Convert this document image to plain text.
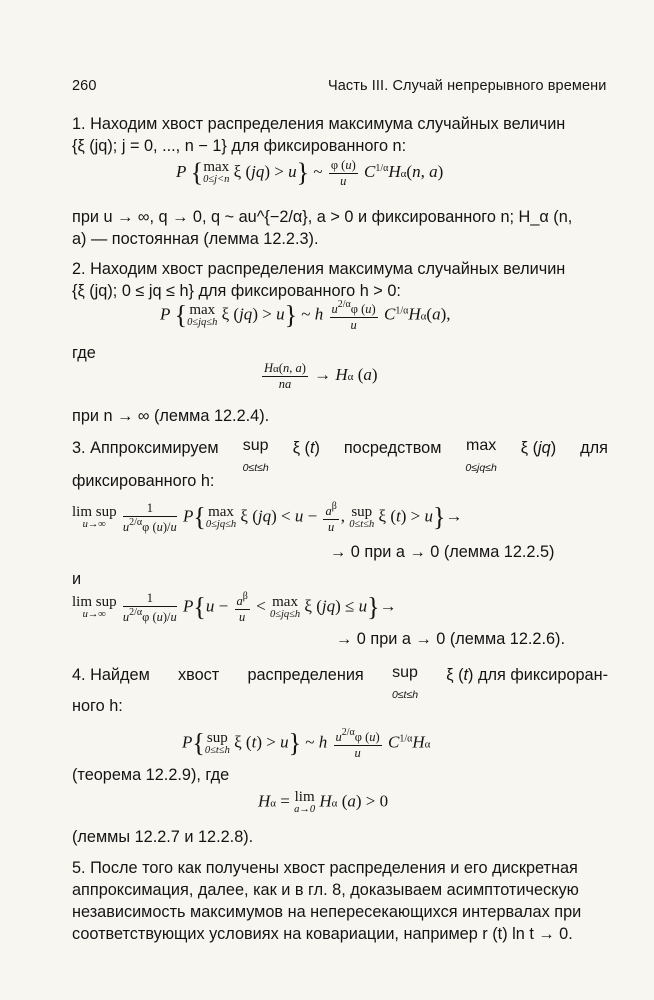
260	Часть III. Случай непрерывного времени
1. Находим хвост распределения максимума случайных величин
{ξ (jq); j = 0, ..., n − 1} для фиксированного n:
P { max
0≤j<n ξ (jq) > u} ~ $\frac{\varphi (u)}{u} C^{1/\alpha}H\alpha(n$, a)
при u → ∞, q → 0, q ~ au^{−2/α}, a > 0 и фиксированного n; H_α (n,
a) — постоянная (лемма 12.2.3).
2. Находим хвост распределения максимума случайных величин
{ξ (jq); 0 ≤ jq ≤ h} для фиксированного h > 0:
P { max
0≤jq≤h ξ (jq) > u} ~ h $\frac{u^{2/\alpha}\varphi (u)}{u} C^{1/\alpha}H\alpha(a)$,
где
$\frac{H\alpha(n, a)}{na} \to H\alpha$ (a)
при n → ∞ (лемма 12.2.4).
3. Аппроксимируем sup
0≤t≤h
ξ (t) посредством max
0≤jq≤h
ξ (jq) для
фиксированного h:
lim sup
u→∞
	$\frac{1}{u^{2/\alpha}\varphi (u)/u} P${ max
0≤jq≤h ξ $(jq) < u - \frac{a^\beta}{u}$ , sup
0≤t≤h ξ (t) > u}→
→ 0 при a → 0 (лемма 12.2.5)
и
lim sup
u→∞
	$\frac{1}{u^{2/\alpha}\varphi (u)/u} P\{u - \frac{a^\beta}{u} < \max$
0≤jq≤h ξ (jq) ≤ u}→
→ 0 при a → 0 (лемма 12.2.6).
4. Найдем хвост распределения sup
0≤t≤h
ξ (t) для фиксироран-
ного h:
P{ sup
0≤t≤h ξ (t) > u} ~ h $\frac{u^{2/\alpha}\varphi (u)}{u} C^{1/\alpha}H\alpha$
(теорема 12.2.9), где
Hα = lim
a→0 Hα (a) > 0
(леммы 12.2.7 и 12.2.8).
5. После того как получены хвост распределения и его дискретная
аппроксимация, далее, как и в гл. 8, доказываем асимптотическую
независимость максимумов на непересекающихся интервалах при
соответствующих условиях на ковариации, например r (t) ln t → 0.
